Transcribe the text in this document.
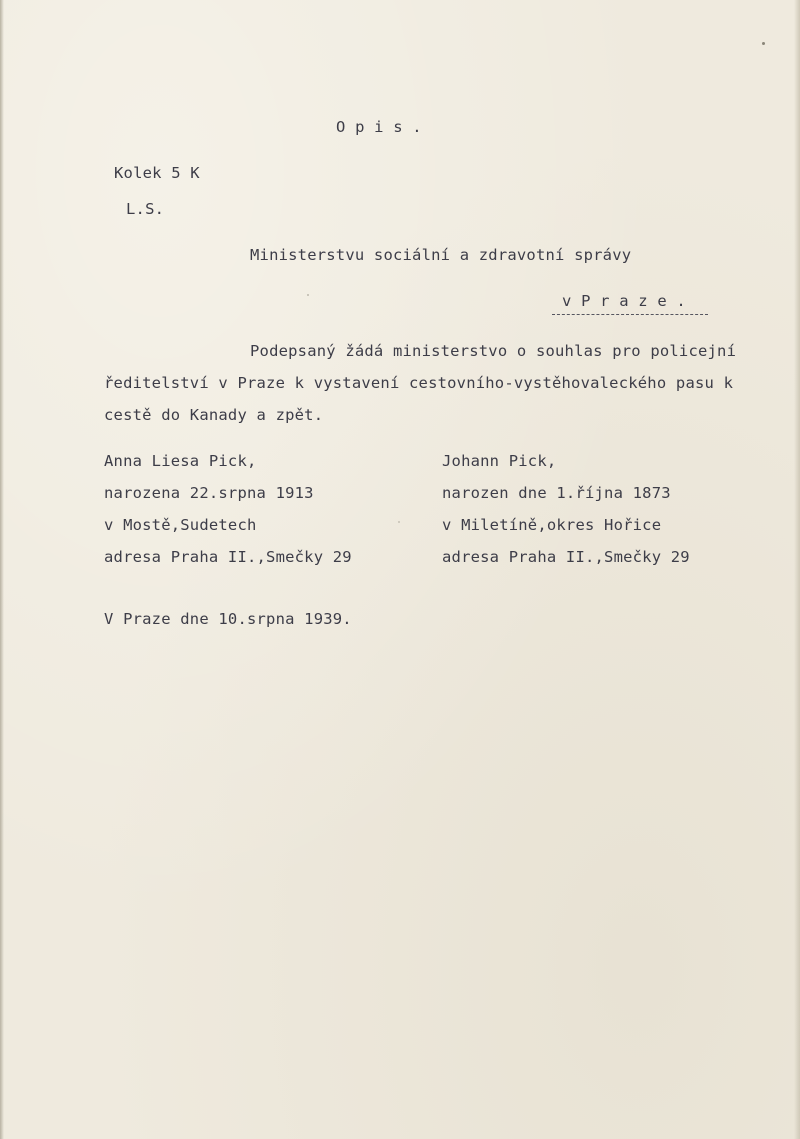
O p i s .
Kolek 5 K
L.S.
Ministerstvu sociální a zdravotní správy
v P r a z e .
Podepsaný žádá ministerstvo o souhlas pro policejní
ředitelství v Praze k vystavení cestovního-vystěhovaleckého pasu k
cestě do Kanady a zpět.
Anna Liesa Pick,
narozena 22.srpna 1913
v Mostě,Sudetech
adresa Praha II.,Smečky 29
Johann Pick,
narozen dne 1.října 1873
v Miletíně,okres Hořice
adresa Praha II.,Smečky 29
V Praze dne 10.srpna 1939.
